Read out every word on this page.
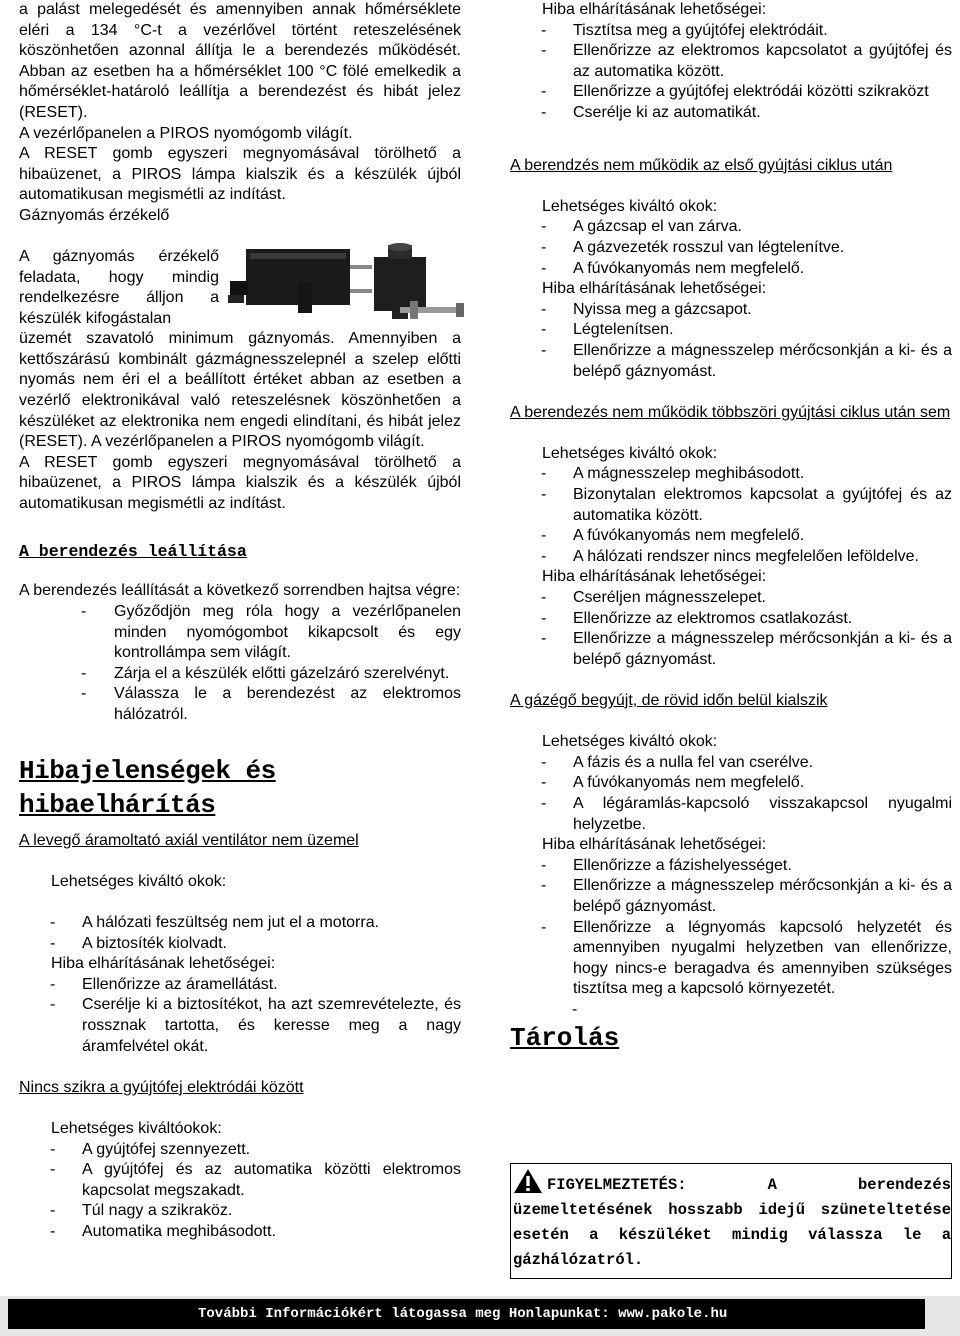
a palást melegedését és amennyiben annak hőmérséklete eléri a 134 °C-t a vezérlővel történt reteszelésének köszönhetően azonnal állítja le a berendezés működését. Abban az esetben ha a hőmérséklet 100 °C fölé emelkedik a hőmérséklet-határoló leállítja a berendezést és hibát jelez (RESET).

A vezérlőpanelen a PIROS nyomógomb világít.

A RESET gomb egyszeri megnyomásával törölhető a hibaüzenet, a PIROS lámpa kialszik és a készülék újból automatikusan megismétli az indítást.

Gáznyomás érzékelő

A gáznyomás érzékelő feladata, hogy mindig rendelkezésre álljon a készülék kifogástalan

üzemét szavatoló minimum gáznyomás. Amennyiben a kettőszárású kombinált gázmágnesszelepnél a szelep előtti nyomás nem éri el a beállított értéket abban az esetben a vezérlő elektronikával való reteszelésnek köszönhetően a készüléket az elektronika nem engedi elindítani, és hibát jelez (RESET). A vezérlőpanelen a PIROS nyomógomb világít.

A RESET gomb egyszeri megnyomásával törölhető a hibaüzenet, a PIROS lámpa kialszik és a készülék újból automatikusan megismétli az indítást.

A berendezés leállítása

A berendezés leállítását a következő sorrendben hajtsa végre:

- Győződjön meg róla hogy a vezérlőpanelen minden nyomógombot kikapcsolt és egy kontrollámpa sem világít.
- Zárja el a készülék előtti gázelzáró szerelvényt.
- Válassza le a berendezést az elektromos hálózatról.
Hibajelenségek és hibaelhárítás

A levegő áramoltató axiál ventilátor nem üzemel

Lehetséges kiváltó okok:

- A hálózati feszültség nem jut el a motorra.
- A biztosíték kiolvadt.

Hiba elhárításának lehetőségei:

- Ellenőrizze az áramellátást.
- Cserélje ki a biztosítékot, ha azt szemrevételezte, és rossznak tartotta, és keresse meg a nagy áramfelvétel okát.

Nincs szikra a gyújtófej elektródái között

Lehetséges kiváltóokok:

- A gyújtófej szennyezett.
- A gyújtófej és az automatika közötti elektromos kapcsolat megszakadt.
- Túl nagy a szikraköz.
- Automatika meghibásodott.

Hiba elhárításának lehetőségei:

- Tisztítsa meg a gyújtófej elektródáit.
- Ellenőrizze az elektromos kapcsolatot a gyújtófej és az automatika között.
- Ellenőrizze a gyújtófej elektródái közötti szikraközt
- Cserélje ki az automatikát.

A berendzés nem működik az első gyújtási ciklus után

Lehetséges kiváltó okok:

- A gázcsap el van zárva.
- A gázvezeték rosszul van légtelenítve.
- A fúvókanyomás nem megfelelő.

Hiba elhárításának lehetőségei:

- Nyissa meg a gázcsapot.
- Légtelenítsen.
- Ellenőrizze a mágnesszelep mérőcsonkján a ki- és a belépő gáznyomást.

A berendezés nem működik többszöri gyújtási ciklus után sem

Lehetséges kiváltó okok:

- A mágnesszelep meghibásodott.
- Bizonytalan elektromos kapcsolat a gyújtófej és az automatika között.
- A fúvókanyomás nem megfelelő.
- A hálózati rendszer nincs megfelelően leföldelve.

Hiba elhárításának lehetőségei:

- Cseréljen mágnesszelepet.
- Ellenőrizze az elektromos csatlakozást.
- Ellenőrizze a mágnesszelep mérőcsonkján a ki- és a belépő gáznyomást.

A gázégő begyújt, de rövid időn belül kialszik

Lehetséges kiváltó okok:

- A fázis és a nulla fel van cserélve.
- A fúvókanyomás nem megfelelő.
- A légáramlás-kapcsoló visszakapcsol nyugalmi helyzetbe.

Hiba elhárításának lehetőségei:

- Ellenőrizze a fázishelyességet.
- Ellenőrizze a mágnesszelep mérőcsonkján a ki- és a belépő gáznyomást.
- Ellenőrizze a légnyomás kapcsoló helyzetét és amennyiben nyugalmi helyzetben van ellenőrizze, hogy nincs-e beragadva és amennyiben szükséges tisztítsa meg a kapcsoló környezetét.

-

Tárolás
FIGYELMEZTETÉS: A berendezés üzemeltetésének hosszabb idejű szüneteltetése esetén a készüléket mindig válassza le a gázhálózatról.
További Információkért látogassa meg Honlapunkat: www.pakole.hu	9.oldal
